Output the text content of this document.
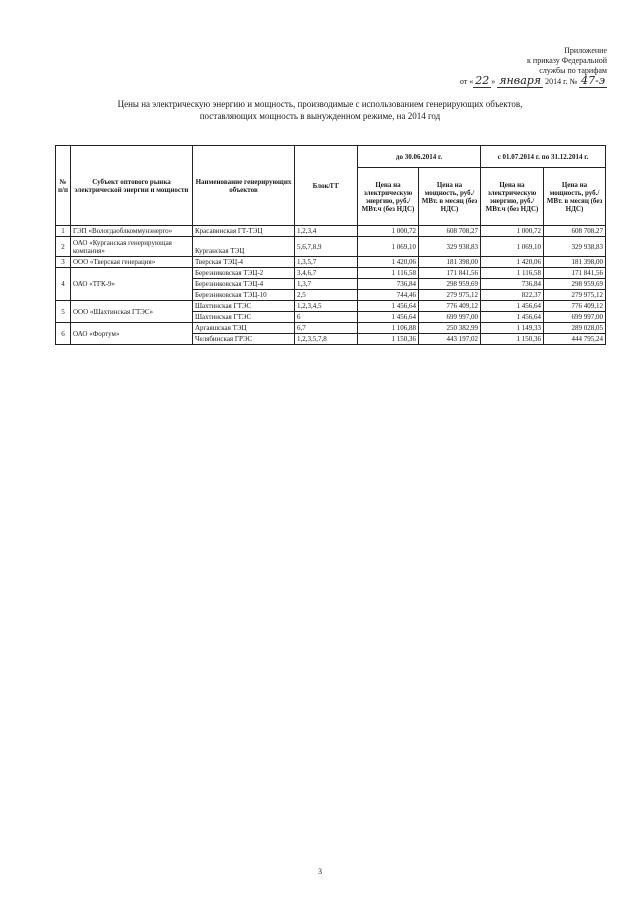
Приложение
к приказу Федеральной
службы по тарифам
от « 22 » января 2014 г. № 47-э
Цены на электрическую энергию и мощность, производимые с использованием генерирующих объектов,
поставляющих мощность в вынужденном режиме, на 2014 год
№ п/п	Субъект оптового рынка электрической энергии и мощности	Наименование генерирующих объектов	Блок/ГГ	до 30.06.2014 г.		с 01.07.2014 г. по 31.12.2014 г.	
				Цена на электрическую энергию, руб./МВт.ч (без НДС)	Цена на мощность, руб./МВт. в месяц (без НДС)	Цена на электрическую энергию, руб./МВт.ч (без НДС)	Цена на мощность, руб./МВт. в месяц (без НДС)
1	ГЭП «Вологдаоблкоммунэнерго»	Красавинская ГТ-ТЭЦ	1,2,3,4	1 000,72	608 708,27	1 000,72	608 708,27
2	ОАО «Курганская генерирующая компания»	Курганская ТЭЦ	5,6,7,8,9	1 069,10	329 938,83	1 069,10	329 938,83
3	ООО «Тверская генерация»	Тверская ТЭЦ-4	1,3,5,7	1 420,06	181 398,00	1 420,06	181 398,00
4	ОАО «ТГК-9»	Березниковская ТЭЦ-2	3,4,6,7	1 116,58	171 841,56	1 116,58	171 841,56
		Березниковская ТЭЦ-4	1,3,7	736,84	298 959,69	736,84	298 959,69
		Березниковская ТЭЦ-10	2,5	744,46	279 975,12	822,37	279 975,12
5	ООО «Шахтинская ГТЭС»	Шахтинская ГТЭС	1,2,3,4,5	1 456,64	776 409,12	1 456,64	776 409,12
		Шахтинская ГТЭС	6	1 456,64	699 997,00	1 456,64	699 997,00
6	ОАО «Фортум»	Аргаяшская ТЭЦ	6,7	1 106,88	250 382,99	1 149,33	289 028,05
		Челябинская ГРЭС	1,2,3,5,7,8	1 150,36	443 197,02	1 150,36	444 795,24
3
